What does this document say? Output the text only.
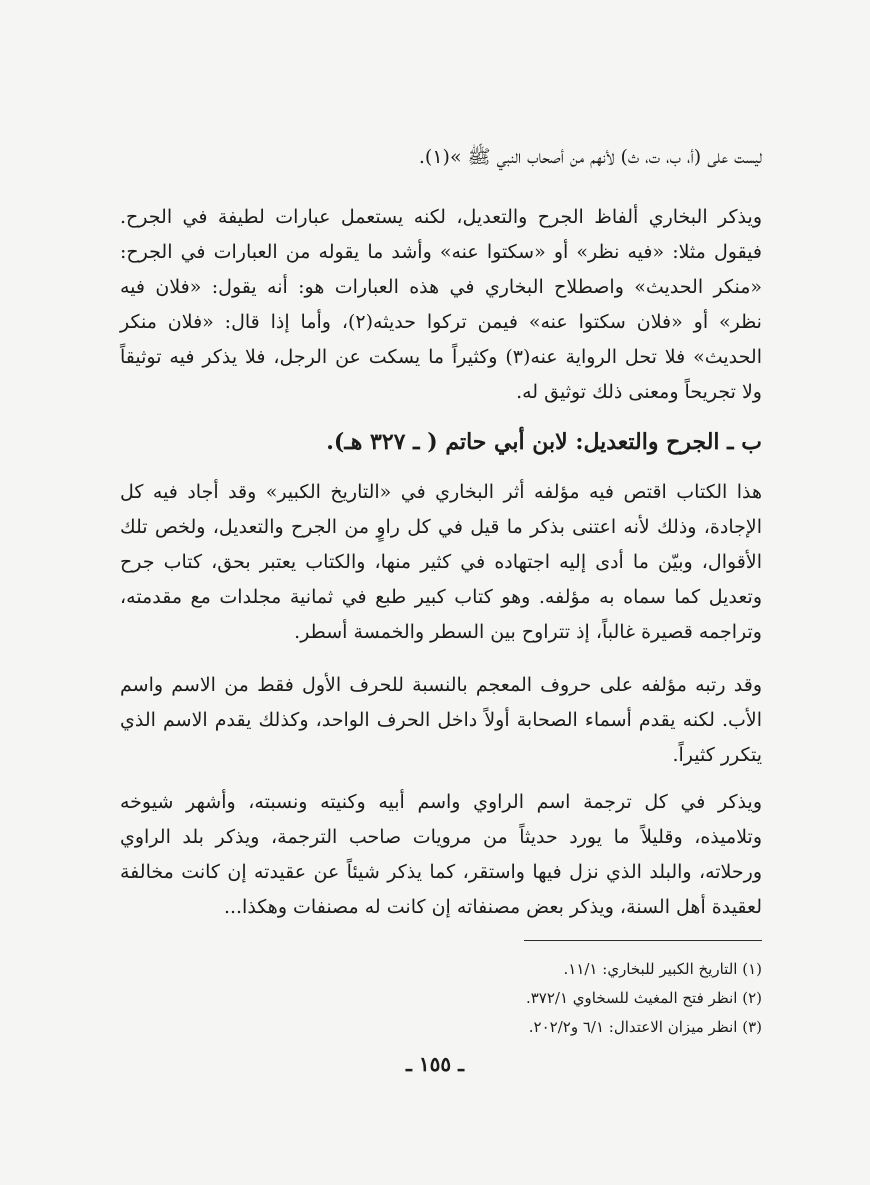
ليست على (أ، ب، ت، ث) لأنهم من أصحاب النبي ﷺ »(١).

ويذكر البخاري ألفاظ الجرح والتعديل، لكنه يستعمل عبارات لطيفة في الجرح. فيقول مثلا: «فيه نظر» أو «سكتوا عنه» وأشد ما يقوله من العبارات في الجرح: «منكر الحديث» واصطلاح البخاري في هذه العبارات هو: أنه يقول: «فلان فيه نظر» أو «فلان سكتوا عنه» فيمن تركوا حديثه(٢)، وأما إذا قال: «فلان منكر الحديث» فلا تحل الرواية عنه(٣) وكثيراً ما يسكت عن الرجل، فلا يذكر فيه توثيقاً ولا تجريحاً ومعنى ذلك توثيق له.

ب ـ الجرح والتعديل: لابن أبي حاتم ( ـ ٣٢٧ هـ).

هذا الكتاب اقتص فيه مؤلفه أثر البخاري في «التاريخ الكبير» وقد أجاد فيه كل الإجادة، وذلك لأنه اعتنى بذكر ما قيل في كل راوٍ من الجرح والتعديل، ولخص تلك الأقوال، وبيّن ما أدى إليه اجتهاده في كثير منها، والكتاب يعتبر بحق، كتاب جرح وتعديل كما سماه به مؤلفه. وهو كتاب كبير طبع في ثمانية مجلدات مع مقدمته، وتراجمه قصيرة غالباً، إذ تتراوح بين السطر والخمسة أسطر.

وقد رتبه مؤلفه على حروف المعجم بالنسبة للحرف الأول فقط من الاسم واسم الأب. لكنه يقدم أسماء الصحابة أولاً داخل الحرف الواحد، وكذلك يقدم الاسم الذي يتكرر كثيراً.

ويذكر في كل ترجمة اسم الراوي واسم أبيه وكنيته ونسبته، وأشهر شيوخه وتلاميذه، وقليلاً ما يورد حديثاً من مرويات صاحب الترجمة، ويذكر بلد الراوي ورحلاته، والبلد الذي نزل فيها واستقر، كما يذكر شيئاً عن عقيدته إن كانت مخالفة لعقيدة أهل السنة، ويذكر بعض مصنفاته إن كانت له مصنفات وهكذا...

(١) التاريخ الكبير للبخاري: ١١/١.

(٢) انظر فتح المغيث للسخاوي ٣٧٢/١.

(٣) انظر ميزان الاعتدال: ٦/١ و٢٠٢/٢.

ـ ١٥٥ ـ
